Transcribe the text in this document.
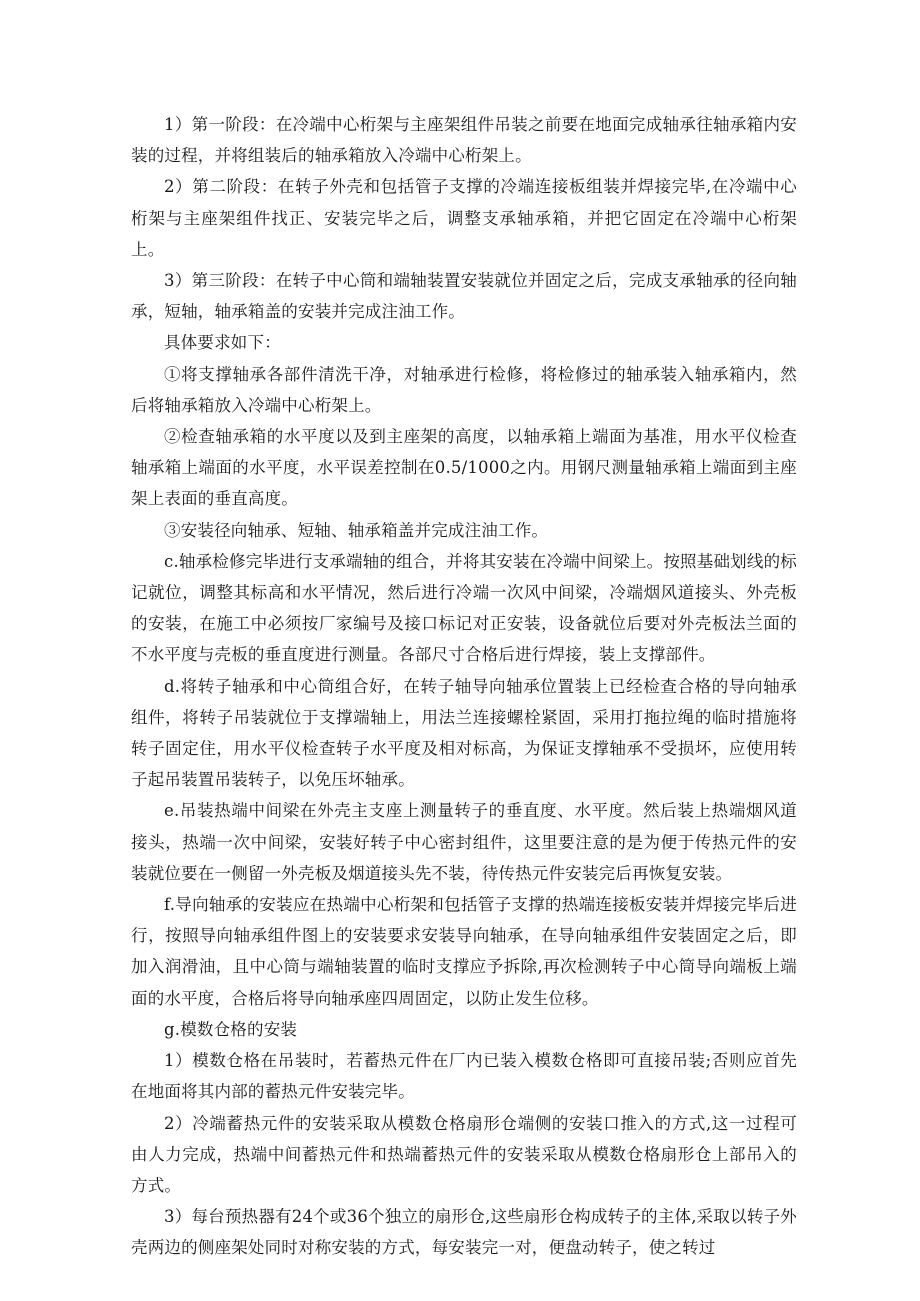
1）第一阶段：在冷端中心桁架与主座架组件吊装之前要在地面完成轴承往轴承箱内安装的过程，并将组装后的轴承箱放入冷端中心桁架上。

2）第二阶段：在转子外壳和包括管子支撑的冷端连接板组装并焊接完毕,在冷端中心桁架与主座架组件找正、安装完毕之后，调整支承轴承箱，并把它固定在冷端中心桁架上。

3）第三阶段：在转子中心筒和端轴装置安装就位并固定之后，完成支承轴承的径向轴承，短轴，轴承箱盖的安装并完成注油工作。

具体要求如下：

①将支撑轴承各部件清洗干净，对轴承进行检修，将检修过的轴承装入轴承箱内，然后将轴承箱放入冷端中心桁架上。

②检查轴承箱的水平度以及到主座架的高度，以轴承箱上端面为基准，用水平仪检查轴承箱上端面的水平度，水平误差控制在0.5/1000之内。用钢尺测量轴承箱上端面到主座架上表面的垂直高度。

③安装径向轴承、短轴、轴承箱盖并完成注油工作。

c.轴承检修完毕进行支承端轴的组合，并将其安装在冷端中间梁上。按照基础划线的标记就位，调整其标高和水平情况，然后进行冷端一次风中间梁，冷端烟风道接头、外壳板的安装，在施工中必须按厂家编号及接口标记对正安装，设备就位后要对外壳板法兰面的不水平度与壳板的垂直度进行测量。各部尺寸合格后进行焊接，装上支撑部件。

d.将转子轴承和中心筒组合好，在转子轴导向轴承位置装上已经检查合格的导向轴承组件，将转子吊装就位于支撑端轴上，用法兰连接螺栓紧固，采用打拖拉绳的临时措施将转子固定住，用水平仪检查转子水平度及相对标高，为保证支撑轴承不受损坏，应使用转子起吊装置吊装转子，以免压坏轴承。

e.吊装热端中间梁在外壳主支座上测量转子的垂直度、水平度。然后装上热端烟风道接头，热端一次中间梁，安装好转子中心密封组件，这里要注意的是为便于传热元件的安装就位要在一侧留一外壳板及烟道接头先不装，待传热元件安装完后再恢复安装。

f.导向轴承的安装应在热端中心桁架和包括管子支撑的热端连接板安装并焊接完毕后进行，按照导向轴承组件图上的安装要求安装导向轴承，在导向轴承组件安装固定之后，即加入润滑油，且中心筒与端轴装置的临时支撑应予拆除,再次检测转子中心筒导向端板上端面的水平度，合格后将导向轴承座四周固定，以防止发生位移。

g.模数仓格的安装

1）模数仓格在吊装时，若蓄热元件在厂内已装入模数仓格即可直接吊装;否则应首先在地面将其内部的蓄热元件安装完毕。

2）冷端蓄热元件的安装采取从模数仓格扇形仓端侧的安装口推入的方式,这一过程可由人力完成，热端中间蓄热元件和热端蓄热元件的安装采取从模数仓格扇形仓上部吊入的方式。

3）每台预热器有24个或36个独立的扇形仓,这些扇形仓构成转子的主体,采取以转子外壳两边的侧座架处同时对称安装的方式，每安装完一对，便盘动转子，使之转过
